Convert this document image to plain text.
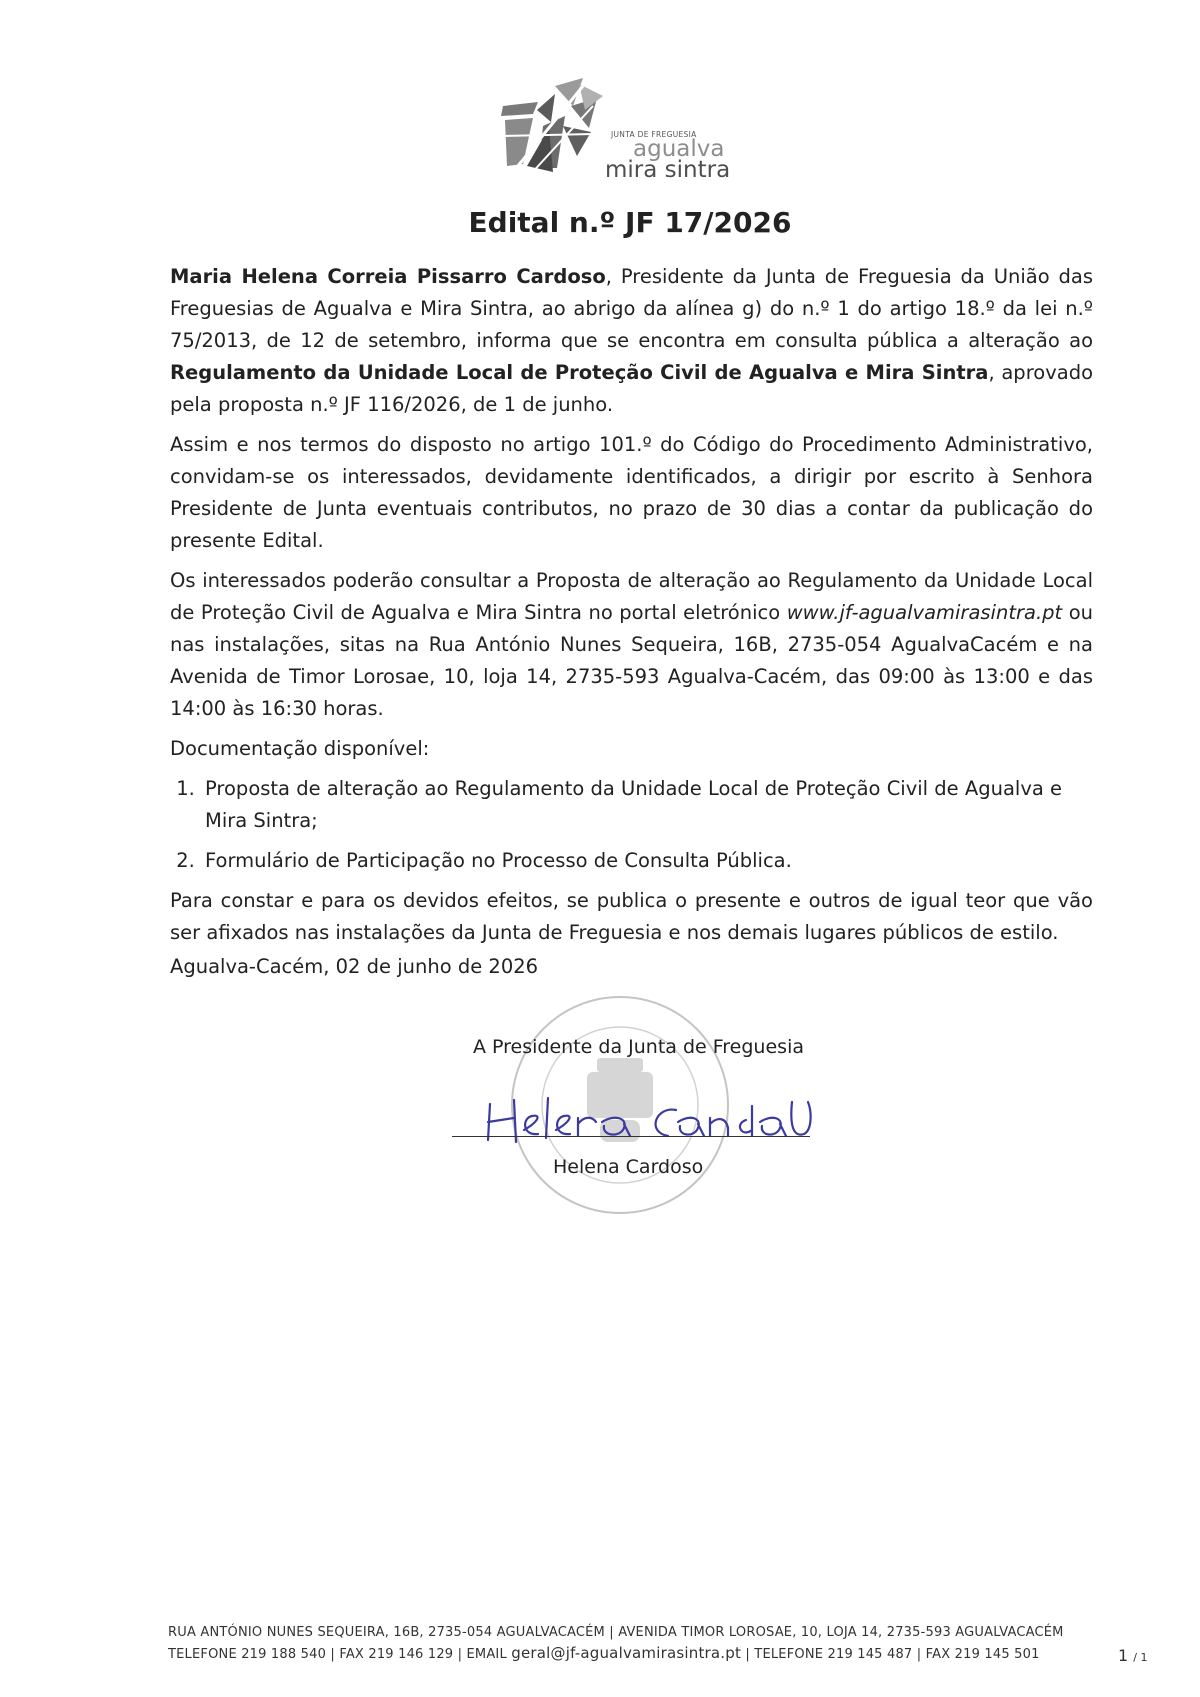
JUNTA DE FREGUESIA
agualva
mira sintra
Edital n.º JF 17/2026

Maria Helena Correia Pissarro Cardoso, Presidente da Junta de Freguesia da União das Freguesias de Agualva e Mira Sintra, ao abrigo da alínea g) do n.º 1 do artigo 18.º da lei n.º 75/2013, de 12 de setembro, informa que se encontra em consulta pública a alteração ao Regulamento da Unidade Local de Proteção Civil de Agualva e Mira Sintra, aprovado pela proposta n.º JF 116/2026, de 1 de junho.

Assim e nos termos do disposto no artigo 101.º do Código do Procedimento Administrativo, convidam-se os interessados, devidamente identificados, a dirigir por escrito à Senhora Presidente de Junta eventuais contributos, no prazo de 30 dias a contar da publicação do presente Edital.

Os interessados poderão consultar a Proposta de alteração ao Regulamento da Unidade Local de Proteção Civil de Agualva e Mira Sintra no portal eletrónico www.jf-agualvamirasintra.pt ou nas instalações, sitas na Rua António Nunes Sequeira, 16B, 2735-054 AgualvaCacém e na Avenida de Timor Lorosae, 10, loja 14, 2735-593 Agualva-Cacém, das 09:00 às 13:00 e das 14:00 às 16:30 horas.

Documentação disponível:

1. Proposta de alteração ao Regulamento da Unidade Local de Proteção Civil de Agualva e Mira Sintra;
2. Formulário de Participação no Processo de Consulta Pública.

Para constar e para os devidos efeitos, se publica o presente e outros de igual teor que vão ser afixados nas instalações da Junta de Freguesia e nos demais lugares públicos de estilo.

Agualva-Cacém, 02 de junho de 2026
A Presidente da Junta de Freguesia
Helena Cardoso
RUA ANTÓNIO NUNES SEQUEIRA, 16B, 2735-054 AGUALVACACÉM | AVENIDA TIMOR LOROSAE, 10, LOJA 14, 2735-593 AGUALVACACÉM
TELEFONE 219 188 540 | FAX 219 146 129 | EMAIL geral@jf-agualvamirasintra.pt | TELEFONE 219 145 487 | FAX 219 145 501	1 / 1
